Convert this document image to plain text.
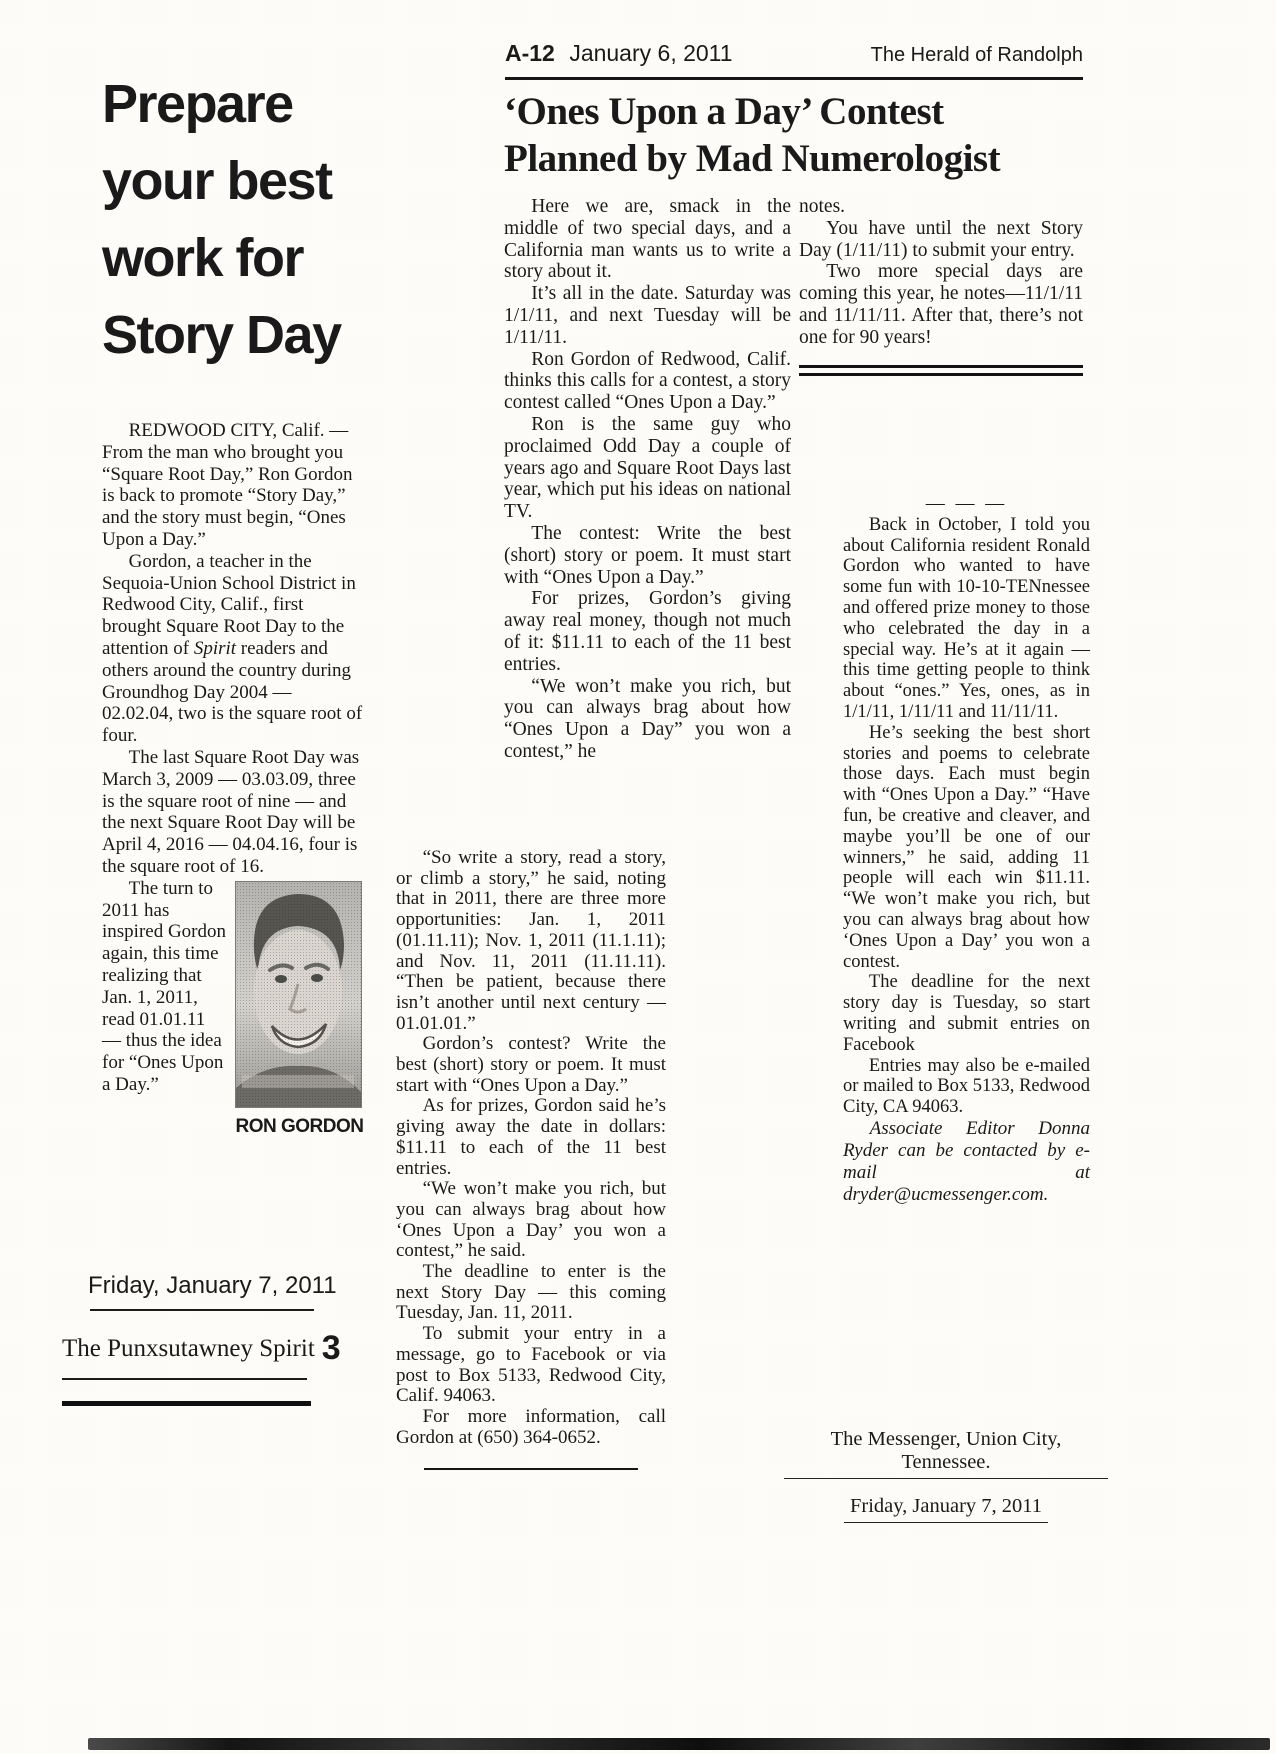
A-12 January 6, 2011	The Herald of Randolph
‘Ones Upon a Day’ Contest
Planned by Mad Numerologist
Prepare
your best
work for
Story Day

REDWOOD CITY, Calif. — From the man who brought you “Square Root Day,” Ron Gordon is back to promote “Story Day,” and the story must begin, “Ones Upon a Day.”

Gordon, a teacher in the Sequoia-Union School District in Redwood City, Calif., first brought Square Root Day to the attention of Spirit readers and others around the country during Groundhog Day 2004 — 02.02.04, two is the square root of four.

The last Square Root Day was March 3, 2009 — 03.03.09, three is the square root of nine — and the next Square Root Day will be April 4, 2016 — 04.04.16, four is the square root of 16.

RON GORDON

The turn to 2011 has inspired Gordon again, this time realizing that Jan. 1, 2011, read 01.01.11 — thus the idea for “Ones Upon a Day.”

Friday, January 7, 2011
The Punxsutawney Spirit 3

Here we are, smack in the middle of two special days, and a California man wants us to write a story about it.

It’s all in the date. Saturday was 1/1/11, and next Tuesday will be 1/11/11.

Ron Gordon of Redwood, Calif. thinks this calls for a contest, a story contest called “Ones Upon a Day.”

Ron is the same guy who proclaimed Odd Day a couple of years ago and Square Root Days last year, which put his ideas on national TV.

The contest: Write the best (short) story or poem. It must start with “Ones Upon a Day.”

For prizes, Gordon’s giving away real money, though not much of it: $11.11 to each of the 11 best entries.

“We won’t make you rich, but you can always brag about how “Ones Upon a Day” you won a contest,” he

notes.

You have until the next Story Day (1/11/11) to submit your entry.

Two more special days are coming this year, he notes—11/1/11 and 11/11/11. After that, there’s not one for 90 years!

“So write a story, read a story, or climb a story,” he said, noting that in 2011, there are three more opportunities: Jan. 1, 2011 (01.11.11); Nov. 1, 2011 (11.1.11); and Nov. 11, 2011 (11.11.11). “Then be patient, because there isn’t another until next century — 01.01.01.”

Gordon’s contest? Write the best (short) story or poem. It must start with “Ones Upon a Day.”

As for prizes, Gordon said he’s giving away the date in dollars: $11.11 to each of the 11 best entries.

“We won’t make you rich, but you can always brag about how ‘Ones Upon a Day’ you won a contest,” he said.

The deadline to enter is the next Story Day — this coming Tuesday, Jan. 11, 2011.

To submit your entry in a message, go to Facebook or via post to Box 5133, Redwood City, Calif. 94063.

For more information, call Gordon at (650) 364-0652.

— — —

Back in October, I told you about California resident Ronald Gordon who wanted to have some fun with 10-10-TENnessee and offered prize money to those who celebrated the day in a special way. He’s at it again — this time getting people to think about “ones.” Yes, ones, as in 1/1/11, 1/11/11 and 11/11/11.

He’s seeking the best short stories and poems to celebrate those days. Each must begin with “Ones Upon a Day.” “Have fun, be creative and cleaver, and maybe you’ll be one of our winners,” he said, adding 11 people will each win $11.11. “We won’t make you rich, but you can always brag about how ‘Ones Upon a Day’ you won a contest.

The deadline for the next story day is Tuesday, so start writing and submit entries on Facebook

Entries may also be e-mailed or mailed to Box 5133, Redwood City, CA 94063.

Associate Editor Donna Ryder can be contacted by e-mail at dryder@ucmessenger.com.

The Messenger, Union City, Tennessee.
Friday, January 7, 2011
